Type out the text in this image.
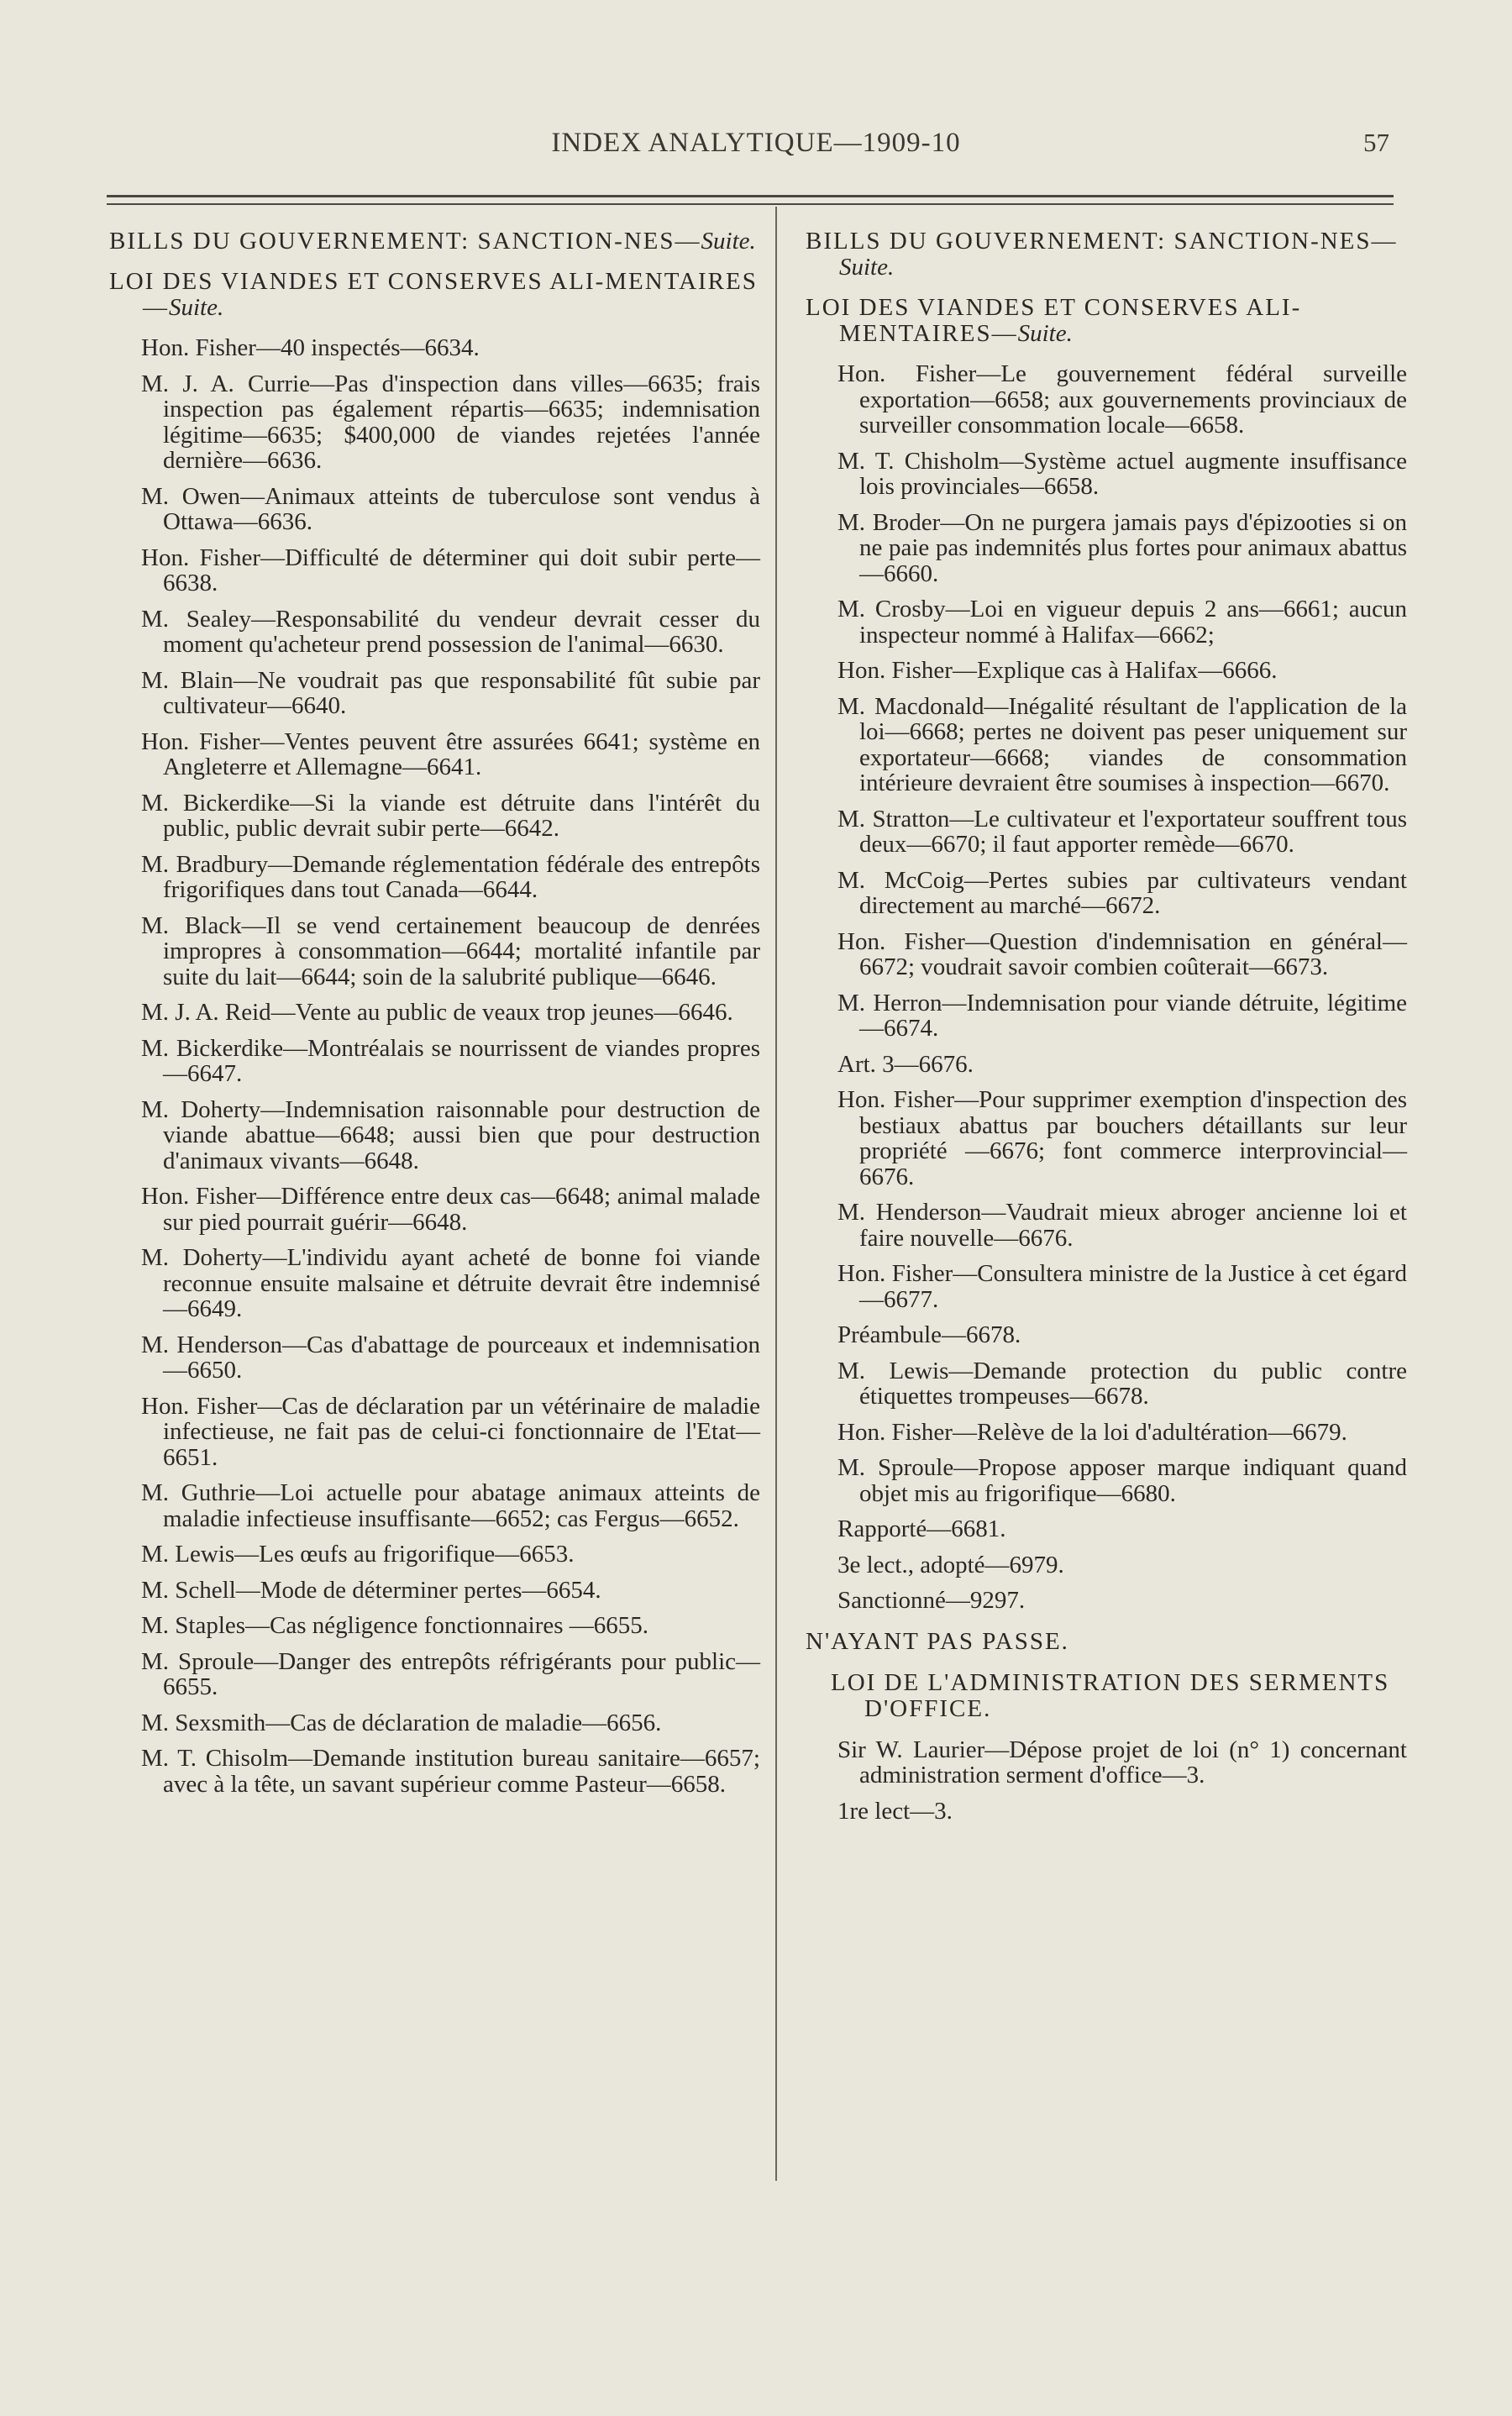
INDEX ANALYTIQUE—1909-10	57
BILLS DU GOUVERNEMENT: SANCTION-NES—Suite.
LOI DES VIANDES ET CONSERVES ALI-MENTAIRES—Suite.
Hon. Fisher—40 inspectés—6634.
M. J. A. Currie—Pas d'inspection dans villes—6635; frais inspection pas également répartis—6635; indemnisation légitime—6635; $400,000 de viandes rejetées l'année dernière—6636.
M. Owen—Animaux atteints de tuberculose sont vendus à Ottawa—6636.
Hon. Fisher—Difficulté de déterminer qui doit subir perte—6638.
M. Sealey—Responsabilité du vendeur devrait cesser du moment qu'acheteur prend possession de l'animal—6630.
M. Blain—Ne voudrait pas que responsabilité fût subie par cultivateur—6640.
Hon. Fisher—Ventes peuvent être assurées 6641; système en Angleterre et Allemagne—6641.
M. Bickerdike—Si la viande est détruite dans l'intérêt du public, public devrait subir perte—6642.
M. Bradbury—Demande réglementation fédérale des entrepôts frigorifiques dans tout Canada—6644.
M. Black—Il se vend certainement beaucoup de denrées impropres à consommation—6644; mortalité infantile par suite du lait—6644; soin de la salubrité publique—6646.
M. J. A. Reid—Vente au public de veaux trop jeunes—6646.
M. Bickerdike—Montréalais se nourrissent de viandes propres—6647.
M. Doherty—Indemnisation raisonnable pour destruction de viande abattue—6648; aussi bien que pour destruction d'animaux vivants—6648.
Hon. Fisher—Différence entre deux cas—6648; animal malade sur pied pourrait guérir—6648.
M. Doherty—L'individu ayant acheté de bonne foi viande reconnue ensuite malsaine et détruite devrait être indemnisé—6649.
M. Henderson—Cas d'abattage de pourceaux et indemnisation—6650.
Hon. Fisher—Cas de déclaration par un vétérinaire de maladie infectieuse, ne fait pas de celui-ci fonctionnaire de l'Etat—6651.
M. Guthrie—Loi actuelle pour abatage animaux atteints de maladie infectieuse insuffisante—6652; cas Fergus—6652.
M. Lewis—Les œufs au frigorifique—6653.
M. Schell—Mode de déterminer pertes—6654.
M. Staples—Cas négligence fonctionnaires —6655.
M. Sproule—Danger des entrepôts réfrigérants pour public—6655.
M. Sexsmith—Cas de déclaration de maladie—6656.
M. T. Chisolm—Demande institution bureau sanitaire—6657; avec à la tête, un savant supérieur comme Pasteur—6658.
BILLS DU GOUVERNEMENT: SANCTION-NES—Suite.
LOI DES VIANDES ET CONSERVES ALI-MENTAIRES—Suite.
Hon. Fisher—Le gouvernement fédéral surveille exportation—6658; aux gouvernements provinciaux de surveiller consommation locale—6658.
M. T. Chisholm—Système actuel augmente insuffisance lois provinciales—6658.
M. Broder—On ne purgera jamais pays d'épizooties si on ne paie pas indemnités plus fortes pour animaux abattus—6660.
M. Crosby—Loi en vigueur depuis 2 ans—6661; aucun inspecteur nommé à Halifax—6662;
Hon. Fisher—Explique cas à Halifax—6666.
M. Macdonald—Inégalité résultant de l'application de la loi—6668; pertes ne doivent pas peser uniquement sur exportateur—6668; viandes de consommation intérieure devraient être soumises à inspection—6670.
M. Stratton—Le cultivateur et l'exportateur souffrent tous deux—6670; il faut apporter remède—6670.
M. McCoig—Pertes subies par cultivateurs vendant directement au marché—6672.
Hon. Fisher—Question d'indemnisation en général—6672; voudrait savoir combien coûterait—6673.
M. Herron—Indemnisation pour viande détruite, légitime—6674.
Art. 3—6676.
Hon. Fisher—Pour supprimer exemption d'inspection des bestiaux abattus par bouchers détaillants sur leur propriété —6676; font commerce interprovincial—6676.
M. Henderson—Vaudrait mieux abroger ancienne loi et faire nouvelle—6676.
Hon. Fisher—Consultera ministre de la Justice à cet égard—6677.
Préambule—6678.
M. Lewis—Demande protection du public contre étiquettes trompeuses—6678.
Hon. Fisher—Relève de la loi d'adultération—6679.
M. Sproule—Propose apposer marque indiquant quand objet mis au frigorifique—6680.
Rapporté—6681.
3e lect., adopté—6979.
Sanctionné—9297.
N'AYANT PAS PASSE.
LOI DE L'ADMINISTRATION DES SERMENTS D'OFFICE.
Sir W. Laurier—Dépose projet de loi (n° 1) concernant administration serment d'office—3.
1re lect—3.
